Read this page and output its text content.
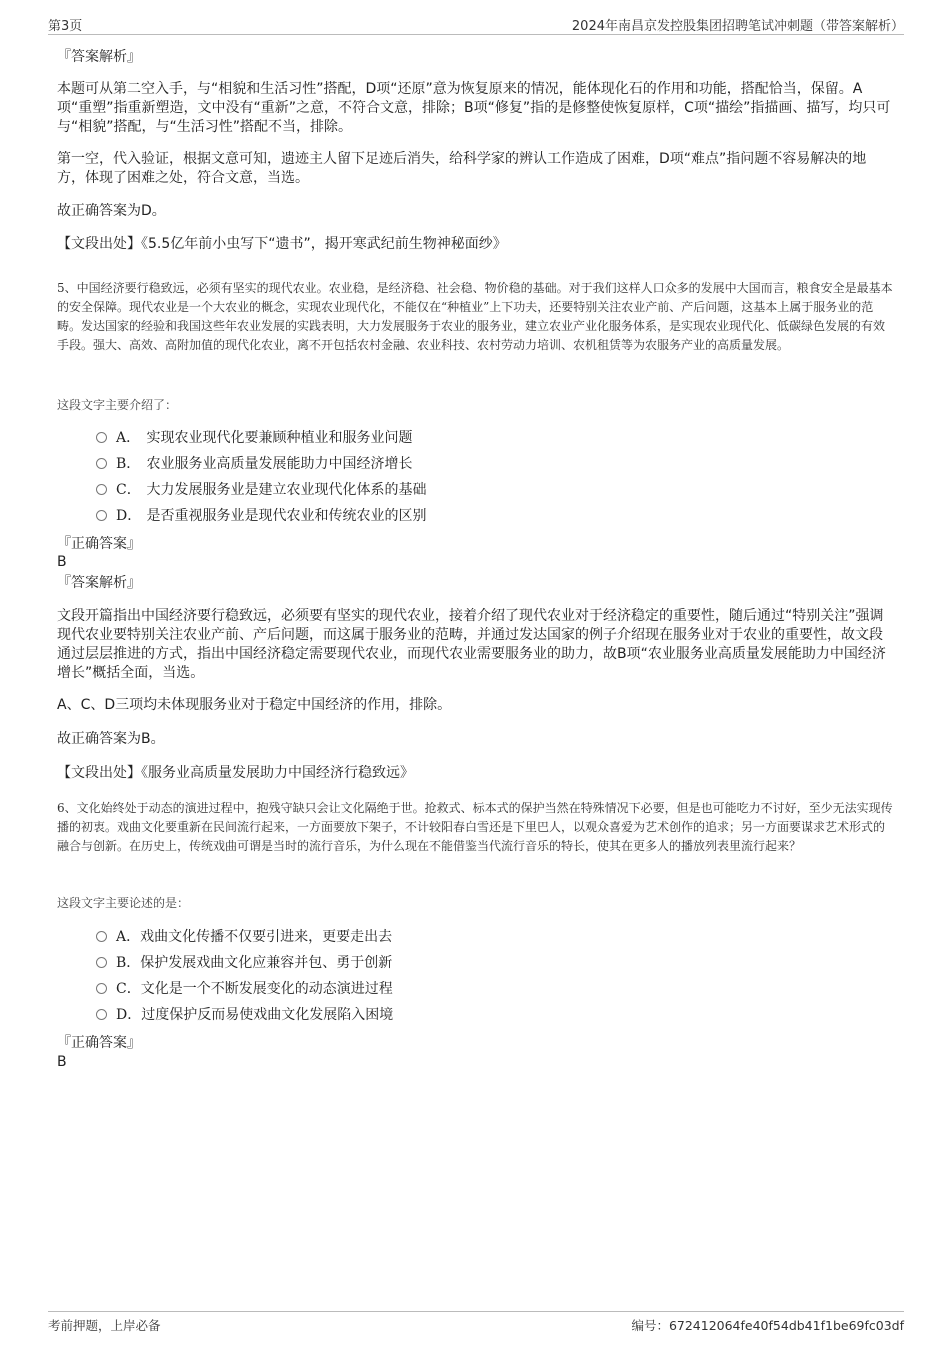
第3页	2024年南昌京发控股集团招聘笔试冲刺题（带答案解析）
『答案解析』
本题可从第二空入手，与“相貌和生活习性”搭配，D项“还原”意为恢复原来的情况，能体现化石的作用和功能，搭配恰当，保留。A项“重塑”指重新塑造，文中没有“重新”之意，不符合文意，排除；B项“修复”指的是修整使恢复原样，C项“描绘”指描画、描写，均只可与“相貌”搭配，与“生活习性”搭配不当，排除。
第一空，代入验证，根据文意可知，遗迹主人留下足迹后消失，给科学家的辨认工作造成了困难，D项“难点”指问题不容易解决的地方，体现了困难之处，符合文意，当选。
故正确答案为D。
【文段出处】《5.5亿年前小虫写下“遗书”，揭开寒武纪前生物神秘面纱》
5、中国经济要行稳致远，必须有坚实的现代农业。农业稳，是经济稳、社会稳、物价稳的基础。对于我们这样人口众多的发展中大国而言，粮食安全是最基本的安全保障。现代农业是一个大农业的概念，实现农业现代化，不能仅在“种植业”上下功夫，还要特别关注农业产前、产后问题，这基本上属于服务业的范畴。发达国家的经验和我国这些年农业发展的实践表明，大力发展服务于农业的服务业，建立农业产业化服务体系，是实现农业现代化、低碳绿色发展的有效手段。强大、高效、高附加值的现代化农业，离不开包括农村金融、农业科技、农村劳动力培训、农机租赁等为农服务产业的高质量发展。
这段文字主要介绍了：
A． 实现农业现代化要兼顾种植业和服务业问题
B． 农业服务业高质量发展能助力中国经济增长
C． 大力发展服务业是建立农业现代化体系的基础
D． 是否重视服务业是现代农业和传统农业的区别
『正确答案』
B
『答案解析』
文段开篇指出中国经济要行稳致远，必须要有坚实的现代农业，接着介绍了现代农业对于经济稳定的重要性，随后通过“特别关注”强调现代农业要特别关注农业产前、产后问题，而这属于服务业的范畴，并通过发达国家的例子介绍现在服务业对于农业的重要性，故文段通过层层推进的方式，指出中国经济稳定需要现代农业，而现代农业需要服务业的助力，故B项“农业服务业高质量发展能助力中国经济增长”概括全面，当选。
A、C、D三项均未体现服务业对于稳定中国经济的作用，排除。
故正确答案为B。
【文段出处】《服务业高质量发展助力中国经济行稳致远》
6、文化始终处于动态的演进过程中，抱残守缺只会让文化隔绝于世。抢救式、标本式的保护当然在特殊情况下必要，但是也可能吃力不讨好，至少无法实现传播的初衷。戏曲文化要重新在民间流行起来，一方面要放下架子，不计较阳春白雪还是下里巴人，以观众喜爱为艺术创作的追求；另一方面要谋求艺术形式的融合与创新。在历史上，传统戏曲可谓是当时的流行音乐，为什么现在不能借鉴当代流行音乐的特长，使其在更多人的播放列表里流行起来？
这段文字主要论述的是：
A．戏曲文化传播不仅要引进来，更要走出去
B．保护发展戏曲文化应兼容并包、勇于创新
C．文化是一个不断发展变化的动态演进过程
D．过度保护反而易使戏曲文化发展陷入困境
『正确答案』
B
考前押题，上岸必备	编号：672412064fe40f54db41f1be69fc03df
